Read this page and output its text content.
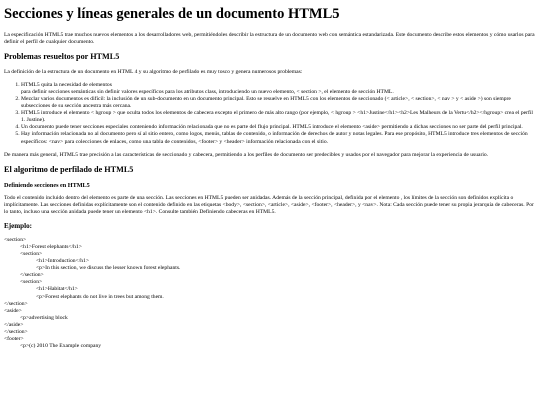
Secciones y líneas generales de un documento HTML5

La especificación HTML5 trae muchos nuevos elementos a los desarrolladores web, permitiéndoles describir la estructura de un documento web con semántica estandarizada. Este documento describe estos elementos y cómo usarlos para definir el perfil de cualquier documento.

Problemas resueltos por HTML5

La definición de la estructura de un documento en HTML 4 y su algoritmo de perfilado es muy tosco y genera numerosos problemas:

1. HTML5 quita la necesidad de elementos
para definir secciones semánticas sin definir valores específicos para los atributos class, introduciendo un nuevo elemento, < section >, el elemento de sección HTML.
2. Mezclar varios documentos es difícil: la inclusión de un sub-documento en un documento principal. Esto se resuelve en HTML5 con los elementos de seccionado (< article>, < section>, < nav > y < aside >) son siempre subsecciones de su sección ancestra más cercana.
3. HTML5 introduce el elemento < hgroup > que oculta todos los elementos de cabecera excepto el primero de más alto rango (por ejemplo, < hgroup > <h1>Justine</h1><h2>Les Malheurs de la Vertu</h2></hgroup> crea el perfil 1. Justine).
4. Un documento puede tener secciones especiales conteniendo información relacionada que no es parte del flujo principal. HTML5 introduce el elemento <aside> permitiendo a dichas secciones no ser parte del perfil principal.
5. Hay información relacionada no al documento pero sí al sitio entero, como logos, menús, tablas de contenido, o información de derechos de autor y notas legales. Para ese propósito, HTML5 introduce tres elementos de sección específicos: <nav> para colecciones de enlaces, como una tabla de contenidos, <footer> y <header> información relacionada con el sitio.

De manera más general, HTML5 trae precisión a las características de seccionado y cabecera, permitiendo a los perfiles de documento ser predecibles y usados por el navegador para mejorar la experiencia de usuario.

El algoritmo de perfilado de HTML5
Definiendo secciones en HTML5

Todo el contenido incluido dentro del elemento es parte de una sección. Las secciones en HTML5 pueden ser anidadas. Además de la sección principal, definida por el elemento , los límites de la sección son definidos explícita o implícitamente. Las secciones definidas explícitamente son el contenido definido en las etiquetas <body>, <section>, <article>, <aside>, <footer>, <header>, y <nav>. Nota: Cada sección puede tener su propia jerarquía de cabeceras. Por lo tanto, incluso una sección anidada puede tener un elemento <h1>. Consulte también Definiendo cabeceras en HTML5.

Ejemplo:
<section>
<h1>Forest elephants</h1>
<section>
<h1>Introduction</h1>
<p>In this section, we discuss the lesser known forest elephants.
</section>
<section>
<h1>Habitat</h1>
<p>Forest elephants do not live in trees but among them.
</section>
<aside>
<p>advertising block
</aside>
</section>
<footer>
<p>(c) 2010 The Example company
